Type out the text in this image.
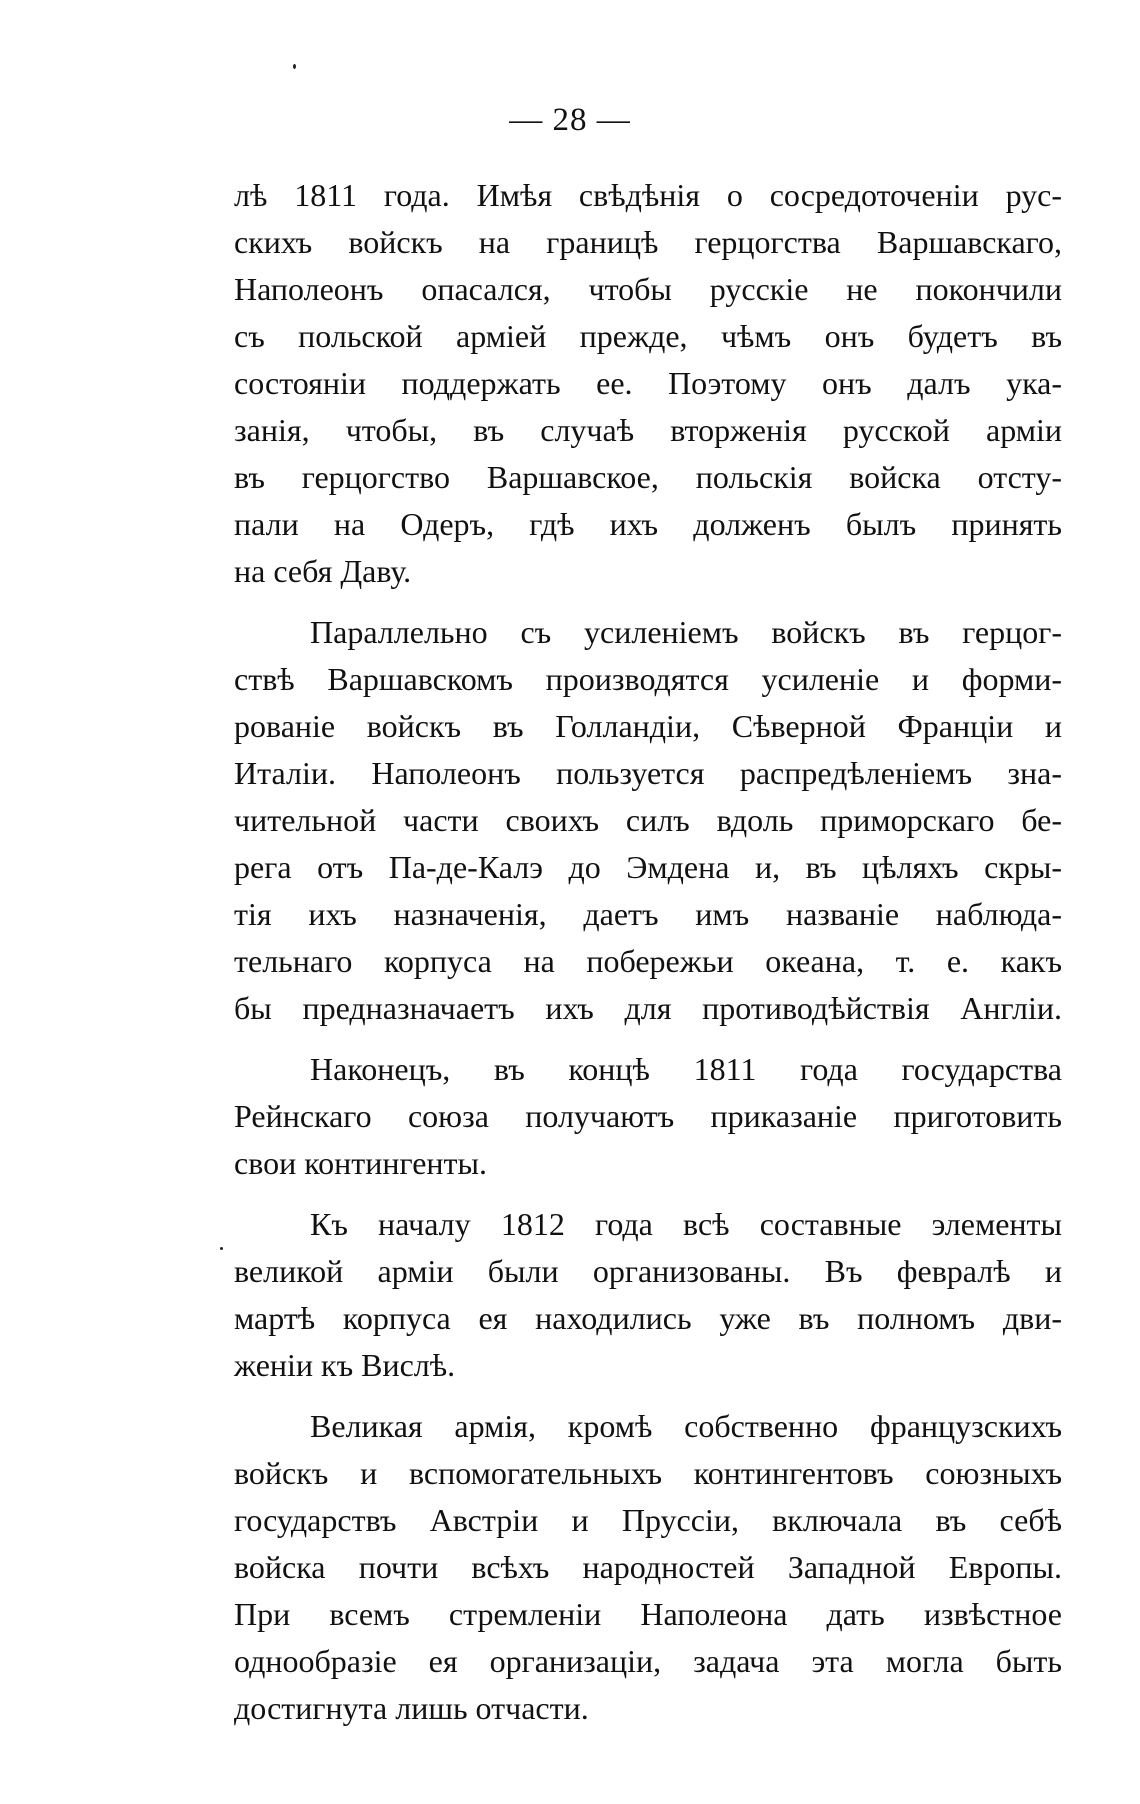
— 28 —
лѣ 1811 года. Имѣя свѣдѣнія о сосредоточеніи рус-
скихъ войскъ на границѣ герцогства Варшавскаго,
Наполеонъ опасался, чтобы русскіе не покончили
съ польской арміей прежде, чѣмъ онъ будетъ въ
состояніи поддержать ее. Поэтому онъ далъ ука-
занія, чтобы, въ случаѣ вторженія русской арміи
въ герцогство Варшавское, польскія войска отсту-
пали на Одеръ, гдѣ ихъ долженъ былъ принять
на себя Даву.
Параллельно съ усиленіемъ войскъ въ герцог-
ствѣ Варшавскомъ производятся усиленіе и форми-
рованіе войскъ въ Голландіи, Сѣверной Франціи и
Италіи. Наполеонъ пользуется распредѣленіемъ зна-
чительной части своихъ силъ вдоль приморскаго бе-
рега отъ Па-де-Калэ до Эмдена и, въ цѣляхъ скры-
тія ихъ назначенія, даетъ имъ названіе наблюда-
тельнаго корпуса на побережьи океана, т. е. какъ
бы предназначаетъ ихъ для противодѣйствія Англіи.
Наконецъ, въ концѣ 1811 года государства
Рейнскаго союза получаютъ приказаніе приготовить
свои контингенты.
Къ началу 1812 года всѣ составные элементы
великой арміи были организованы. Въ февралѣ и
мартѣ корпуса ея находились уже въ полномъ дви-
женіи къ Вислѣ.
Великая армія, кромѣ собственно французскихъ
войскъ и вспомогательныхъ контингентовъ союзныхъ
государствъ Австріи и Пруссіи, включала въ себѣ
войска почти всѣхъ народностей Западной Европы.
При всемъ стремленіи Наполеона дать извѣстное
однообразіе ея организаціи, задача эта могла быть
достигнута лишь отчасти.
